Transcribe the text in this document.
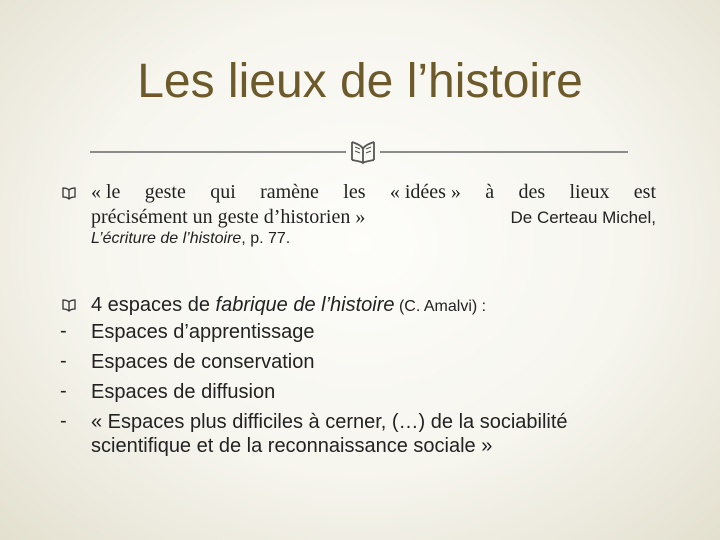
Les lieux de l’histoire
« le geste qui ramène les « idées » à des lieux est
précisément un geste d’historien »	De Certeau Michel,
L’écriture de l’histoire, p. 77.
4 espaces de fabrique de l’histoire (C. Amalvi) :
-	Espaces d’apprentissage
-	Espaces de conservation
-	Espaces de diffusion
-	« Espaces plus difficiles à cerner, (…) de la sociabilité
scientifique et de la reconnaissance sociale »
